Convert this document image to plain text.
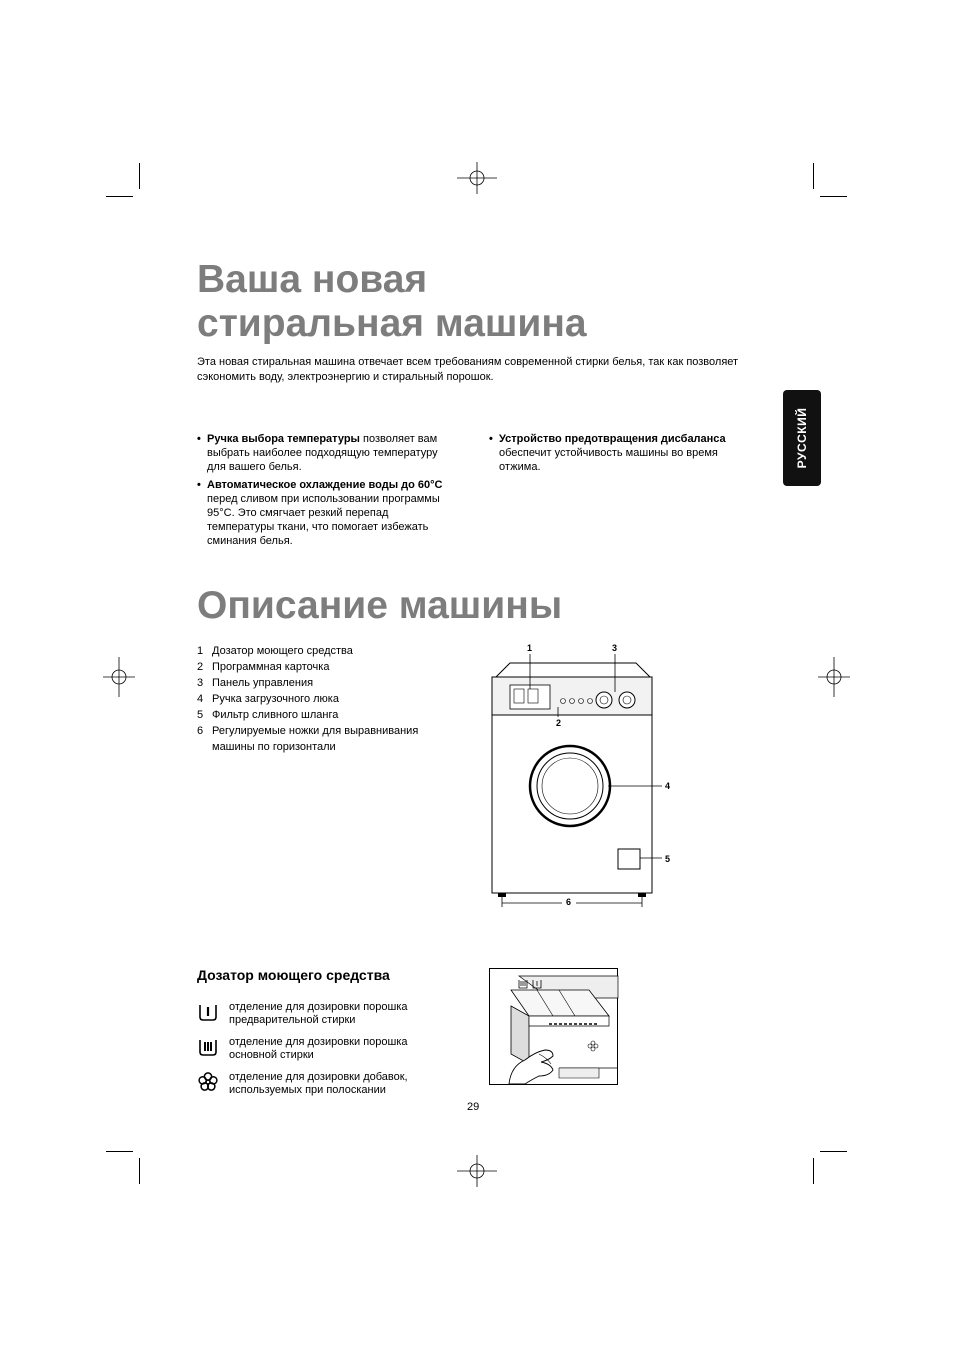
Ваша новая
стиральная машина
Эта новая стиральная машина отвечает всем требованиям современной стирки белья, так как позволяет сэкономить воду, электроэнергию и стиральный порошок.
РУССКИЙ
• Ручка выбора температуры позволяет вам выбрать наиболее подходящую температуру для вашего белья.
• Автоматическое охлаждение воды до 60°C перед сливом при использовании программы 95°C. Это смягчает резкий перепад температуры ткани, что помогает избежать сминания белья.
• Устройство предотвращения дисбаланса обеспечит устойчивость машины во время отжима.
Описание машины
1 Дозатор моющего средства
2 Программная карточка
3 Панель управления
4 Ручка загрузочного люка
5 Фильтр сливного шланга
6 Регулируемые ножки для выравнивания машины по горизонтали
1	3
2
4
5
6
Дозатор моющего средства
отделение для дозировки порошка предварительной стирки
отделение для дозировки порошка основной стирки
отделение для дозировки добавок, используемых при полоскании
29
